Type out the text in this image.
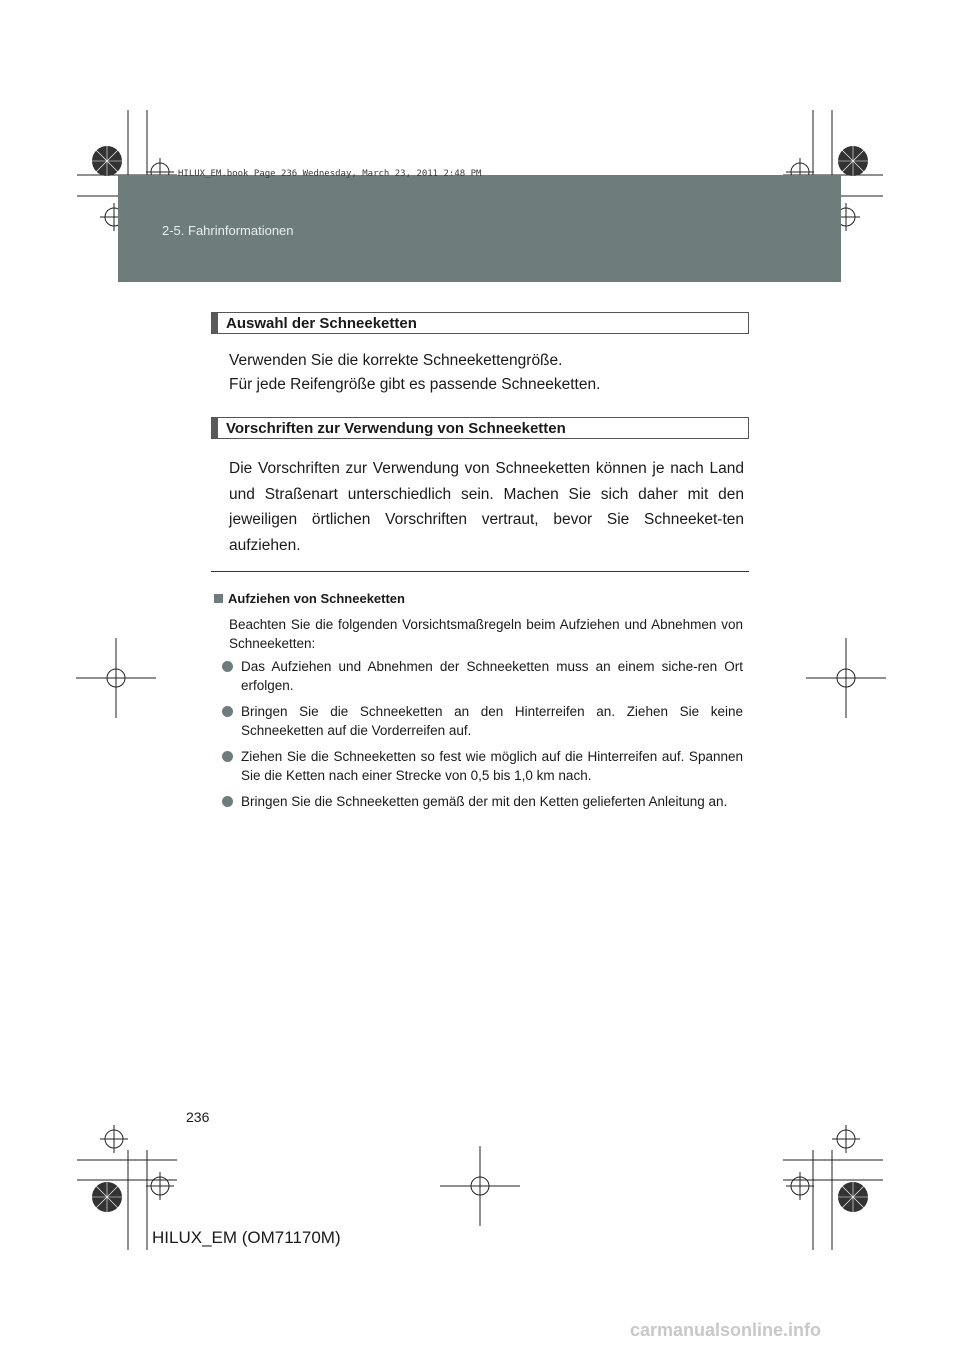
2-5. Fahrinformationen
HILUX_EM.book Page 236 Wednesday, March 23, 2011 2:48 PM
Auswahl der Schneeketten

Verwenden Sie die korrekte Schneekettengröße.

Für jede Reifengröße gibt es passende Schneeketten.

Vorschriften zur Verwendung von Schneeketten
Die Vorschriften zur Verwendung von Schneeketten können je nach Land und Straßenart unterschiedlich sein. Machen Sie sich daher mit den jeweiligen örtlichen Vorschriften vertraut, bevor Sie Schneeket-ten aufziehen.
Aufziehen von Schneeketten
Beachten Sie die folgenden Vorsichtsmaßregeln beim Aufziehen und Abnehmen von Schneeketten:
Das Aufziehen und Abnehmen der Schneeketten muss an einem siche-ren Ort erfolgen.
Bringen Sie die Schneeketten an den Hinterreifen an. Ziehen Sie keine Schneeketten auf die Vorderreifen auf.
Ziehen Sie die Schneeketten so fest wie möglich auf die Hinterreifen auf. Spannen Sie die Ketten nach einer Strecke von 0,5 bis 1,0 km nach.
Bringen Sie die Schneeketten gemäß der mit den Ketten gelieferten Anleitung an.
236
HILUX_EM (OM71170M)
carmanualsonline.info
